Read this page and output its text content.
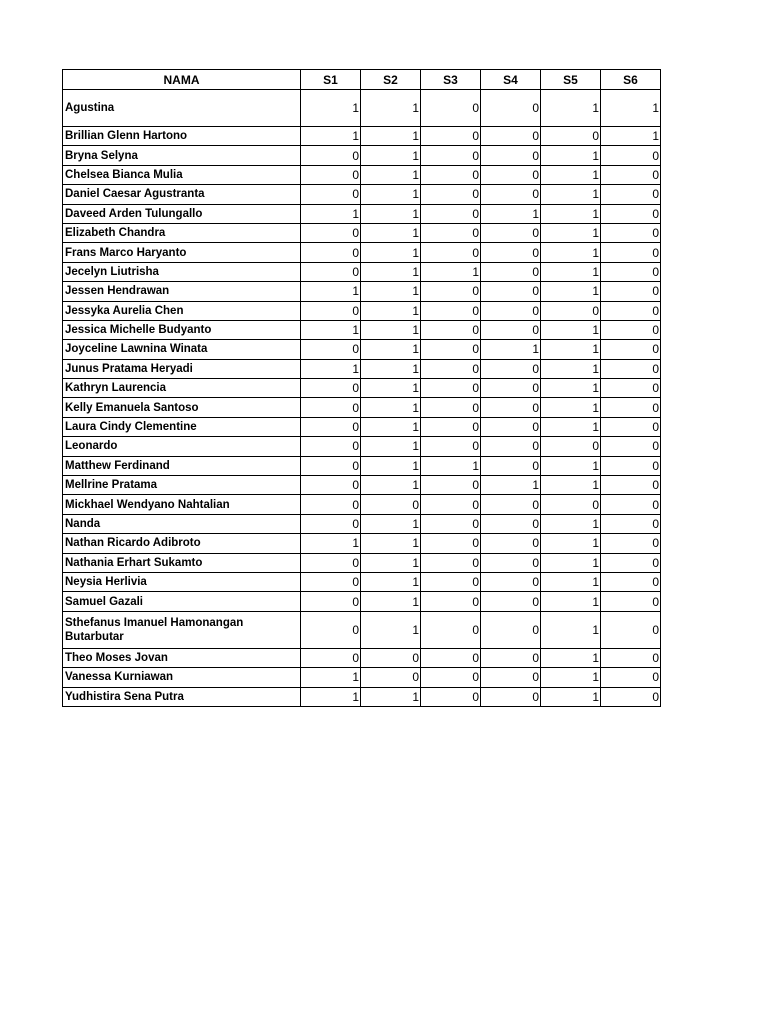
NAMA	S1	S2	S3	S4	S5	S6
Agustina	1	1	0	0	1	1
Brillian Glenn Hartono	1	1	0	0	0	1
Bryna Selyna	0	1	0	0	1	0
Chelsea Bianca Mulia	0	1	0	0	1	0
Daniel Caesar Agustranta	0	1	0	0	1	0
Daveed Arden Tulungallo	1	1	0	1	1	0
Elizabeth Chandra	0	1	0	0	1	0
Frans Marco Haryanto	0	1	0	0	1	0
Jecelyn Liutrisha	0	1	1	0	1	0
Jessen Hendrawan	1	1	0	0	1	0
Jessyka Aurelia Chen	0	1	0	0	0	0
Jessica Michelle Budyanto	1	1	0	0	1	0
Joyceline Lawnina Winata	0	1	0	1	1	0
Junus Pratama Heryadi	1	1	0	0	1	0
Kathryn Laurencia	0	1	0	0	1	0
Kelly Emanuela Santoso	0	1	0	0	1	0
Laura Cindy Clementine	0	1	0	0	1	0
Leonardo	0	1	0	0	0	0
Matthew Ferdinand	0	1	1	0	1	0
Mellrine Pratama	0	1	0	1	1	0
Mickhael Wendyano Nahtalian	0	0	0	0	0	0
Nanda	0	1	0	0	1	0
Nathan Ricardo Adibroto	1	1	0	0	1	0
Nathania Erhart Sukamto	0	1	0	0	1	0
Neysia Herlivia	0	1	0	0	1	0
Samuel Gazali	0	1	0	0	1	0
Sthefanus Imanuel Hamonangan Butarbutar	0	1	0	0	1	0
Theo Moses Jovan	0	0	0	0	1	0
Vanessa Kurniawan	1	0	0	0	1	0
Yudhistira Sena Putra	1	1	0	0	1	0
